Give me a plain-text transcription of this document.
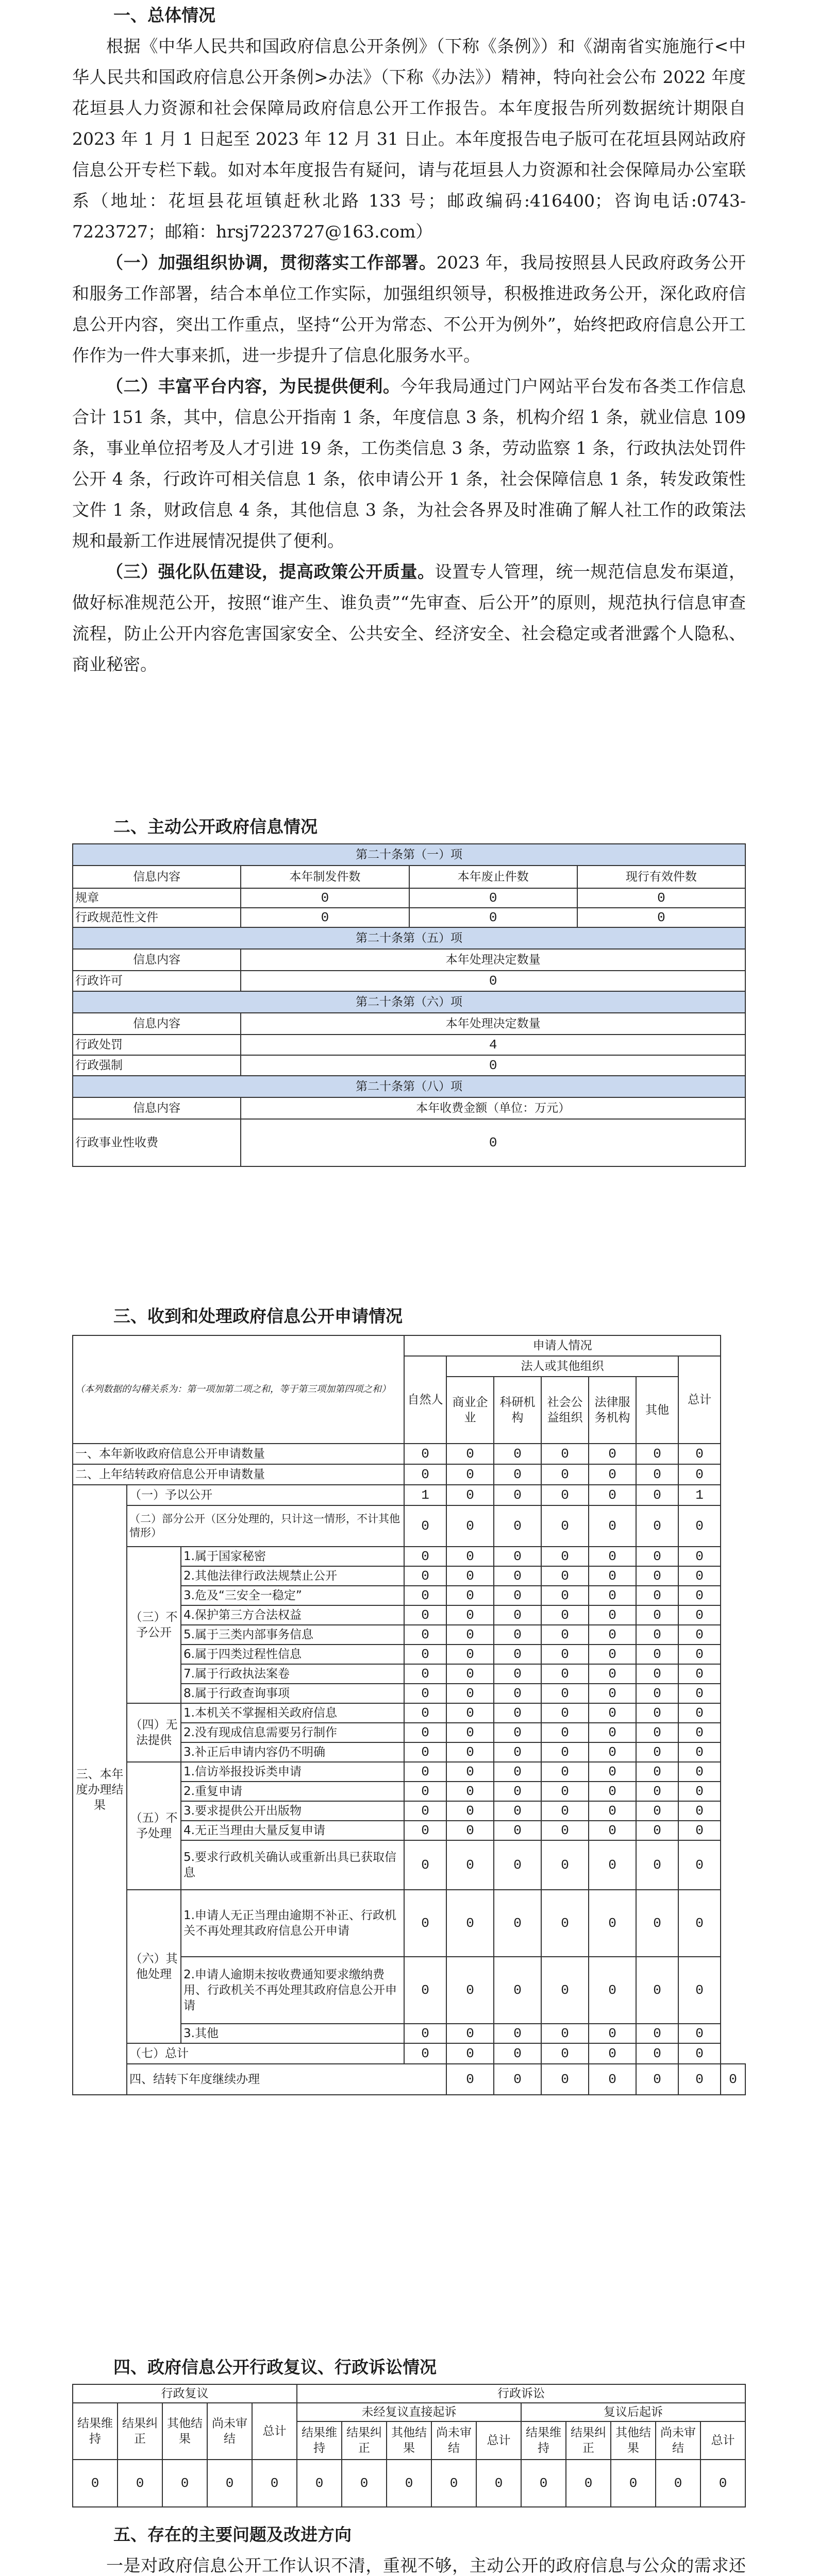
一、总体情况

根据《中华人民共和国政府信息公开条例》（下称《条例》）和《湖南省实施施行<中华人民共和国政府信息公开条例>办法》（下称《办法》）精神，特向社会公布 2022 年度花垣县人力资源和社会保障局政府信息公开工作报告。本年度报告所列数据统计期限自 2023 年 1 月 1 日起至 2023 年 12 月 31 日止。本年度报告电子版可在花垣县网站政府信息公开专栏下载。如对本年度报告有疑问，请与花垣县人力资源和社会保障局办公室联系（地址：花垣县花垣镇赶秋北路 133 号；邮政编码:416400；咨询电话:0743-7223727；邮箱：hrsj7223727@163.com）

（一）加强组织协调，贯彻落实工作部署。2023 年，我局按照县人民政府政务公开和服务工作部署，结合本单位工作实际，加强组织领导，积极推进政务公开，深化政府信息公开内容，突出工作重点，坚持“公开为常态、不公开为例外”，始终把政府信息公开工作作为一件大事来抓，进一步提升了信息化服务水平。

（二）丰富平台内容，为民提供便利。今年我局通过门户网站平台发布各类工作信息合计 151 条，其中，信息公开指南 1 条，年度信息 3 条，机构介绍 1 条，就业信息 109 条，事业单位招考及人才引进 19 条，工伤类信息 3 条，劳动监察 1 条，行政执法处罚件公开 4 条，行政许可相关信息 1 条，依申请公开 1 条，社会保障信息 1 条，转发政策性文件 1 条，财政信息 4 条，其他信息 3 条，为社会各界及时准确了解人社工作的政策法规和最新工作进展情况提供了便利。

（三）强化队伍建设，提高政策公开质量。设置专人管理，统一规范信息发布渠道，做好标准规范公开，按照“谁产生、谁负责”“先审查、后公开”的原则，规范执行信息审查流程，防止公开内容危害国家安全、公共安全、经济安全、社会稳定或者泄露个人隐私、商业秘密。

二、主动公开政府信息情况

第二十条第（一）项			
信息内容	本年制发件数	本年废止件数	现行有效件数
规章	0	0	0
行政规范性文件	0	0	0
第二十条第（五）项			
信息内容	本年处理决定数量		
行政许可	0		
第二十条第（六）项			
信息内容	本年处理决定数量		
行政处罚	4		
行政强制	0		
第二十条第（八）项			
信息内容	本年收费金额（单位：万元）		
行政事业性收费	0		

三、收到和处理政府信息公开申请情况

（本列数据的勾稽关系为：第一项加第二项之和，等于第三项加第四项之和）			申请人情况							
			自然人	法人或其他组织					总计	
				商业企业	科研机构	社会公益组织	法律服务机构	其他		
一、本年新收政府信息公开申请数量			0	0	0	0	0	0	0	
二、上年结转政府信息公开申请数量			0	0	0	0	0	0	0	
三、本年度办理结果	（一）予以公开		1	0	0	0	0	0	1	
	（二）部分公开（区分处理的，只计这一情形，不计其他情形）		0	0	0	0	0	0	0	
	（三）不予公开	1.属于国家秘密	0	0	0	0	0	0	0	
		2.其他法律行政法规禁止公开	0	0	0	0	0	0	0	
		3.危及“三安全一稳定”	0	0	0	0	0	0	0	
		4.保护第三方合法权益	0	0	0	0	0	0	0	
		5.属于三类内部事务信息	0	0	0	0	0	0	0	
		6.属于四类过程性信息	0	0	0	0	0	0	0	
		7.属于行政执法案卷	0	0	0	0	0	0	0	
		8.属于行政查询事项	0	0	0	0	0	0	0	
	（四）无法提供	1.本机关不掌握相关政府信息	0	0	0	0	0	0	0	
		2.没有现成信息需要另行制作	0	0	0	0	0	0	0	
		3.补正后申请内容仍不明确	0	0	0	0	0	0	0	
	（五）不予处理	1.信访举报投诉类申请	0	0	0	0	0	0	0	
		2.重复申请	0	0	0	0	0	0	0	
		3.要求提供公开出版物	0	0	0	0	0	0	0	
		4.无正当理由大量反复申请	0	0	0	0	0	0	0	
		5.要求行政机关确认或重新出具已获取信息	0	0	0	0	0	0	0	
	（六）其他处理	1.申请人无正当理由逾期不补正、行政机关不再处理其政府信息公开申请	0	0	0	0	0	0	0	
		2.申请人逾期未按收费通知要求缴纳费用、行政机关不再处理其政府信息公开申请	0	0	0	0	0	0	0	
		3.其他	0	0	0	0	0	0	0	
	（七）总计		0	0	0	0	0	0	0	
	四、结转下年度继续办理			0	0	0	0	0	0	0

四、政府信息公开行政复议、行政诉讼情况

行政复议					行政诉讼									
结果维持	结果纠正	其他结果	尚未审结	总计	未经复议直接起诉					复议后起诉				
					结果维持	结果纠正	其他结果	尚未审结	总计	结果维持	结果纠正	其他结果	尚未审结	总计
0	0	0	0	0	0	0	0	0	0	0	0	0	0	0

五、存在的主要问题及改进方向

一是对政府信息公开工作认识不清，重视不够，主动公开的政府信息与公众的需求还
